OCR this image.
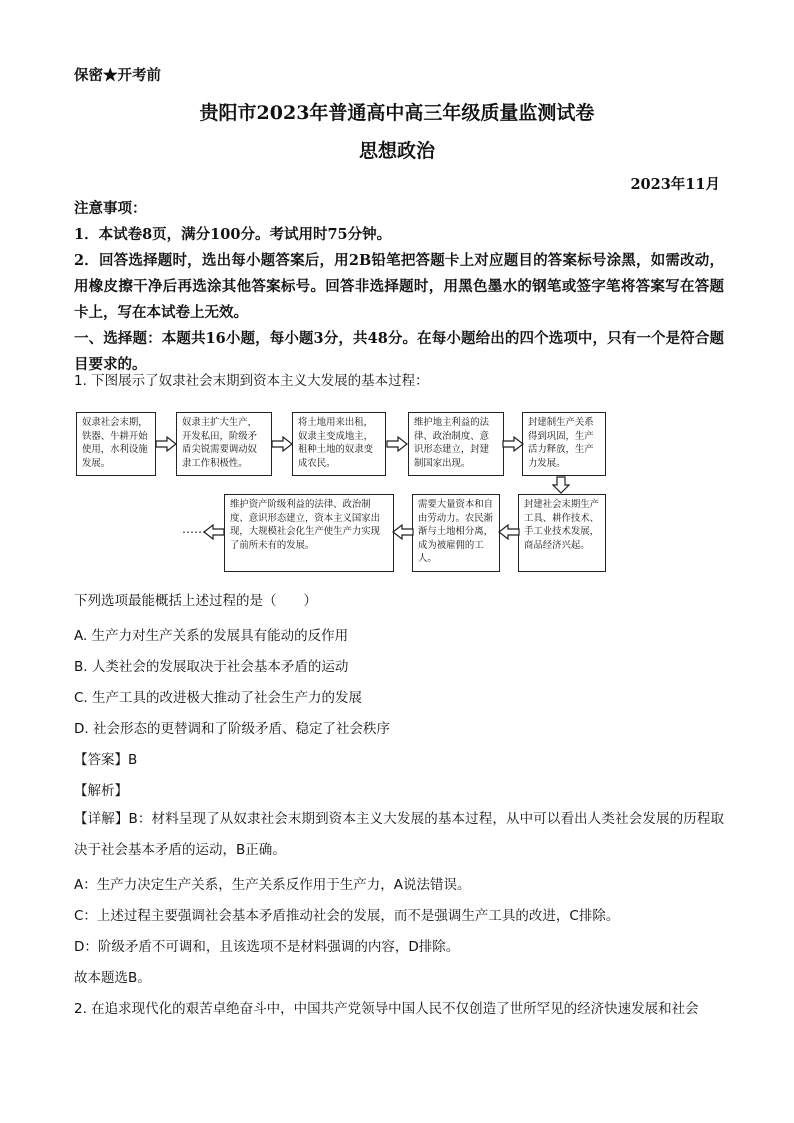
保密★开考前
贵阳市2023年普通高中高三年级质量监测试卷
思想政治
2023年11月

注意事项：

1．本试卷8页，满分100分。考试用时75分钟。

2．回答选择题时，选出每小题答案后，用2B铅笔把答题卡上对应题目的答案标号涂黑，如需改动，用橡皮擦干净后再选涂其他答案标号。回答非选择题时，用黑色墨水的钢笔或签字笔将答案写在答题卡上，写在本试卷上无效。

一、选择题：本题共16小题，每小题3分，共48分。在每小题给出的四个选项中，只有一个是符合题目要求的。

1. 下图展示了奴隶社会末期到资本主义大发展的基本过程：

奴隶社会末期，铁器、牛耕开始使用，水利设施发展。
奴隶主扩大生产，开发私田，阶级矛盾尖锐需要调动奴隶工作积极性。
将土地用来出租，奴隶主变成地主，租种土地的奴隶变成农民。
维护地主利益的法律、政治制度、意识形态建立，封建制国家出现。
封建制生产关系得到巩固，生产活力释放，生产力发展。
封建社会末期生产工具、耕作技术、手工业技术发展，商品经济兴起。
需要大量资本和自由劳动力。农民渐渐与土地相分离，成为被雇佣的工人。
维护资产阶级利益的法律、政治制度、意识形态建立，资本主义国家出现，大规模社会化生产使生产力实现了前所未有的发展。
……
下列选项最能概括上述过程的是（　　）
A. 生产力对生产关系的发展具有能动的反作用
B. 人类社会的发展取决于社会基本矛盾的运动
C. 生产工具的改进极大推动了社会生产力的发展
D. 社会形态的更替调和了阶级矛盾、稳定了社会秩序
【答案】B
【解析】
【详解】B：材料呈现了从奴隶社会末期到资本主义大发展的基本过程，从中可以看出人类社会发展的历程取决于社会基本矛盾的运动，B正确。
A：生产力决定生产关系，生产关系反作用于生产力，A说法错误。
C：上述过程主要强调社会基本矛盾推动社会的发展，而不是强调生产工具的改进，C排除。
D：阶级矛盾不可调和，且该选项不是材料强调的内容，D排除。
故本题选B。
2. 在追求现代化的艰苦卓绝奋斗中，中国共产党领导中国人民不仅创造了世所罕见的经济快速发展和社会
